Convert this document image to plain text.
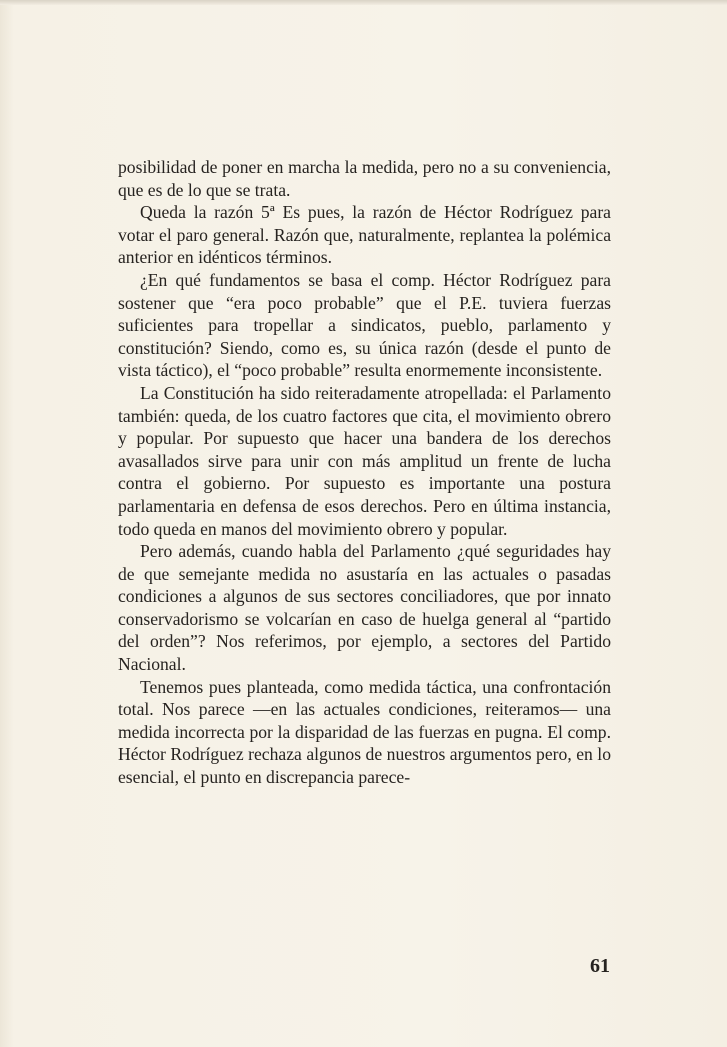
posibilidad de poner en marcha la medida, pero no a su conveniencia, que es de lo que se trata.

Queda la razón 5ª Es pues, la razón de Héctor Rodríguez para votar el paro general. Razón que, naturalmente, replantea la polémica anterior en idénticos términos.

¿En qué fundamentos se basa el comp. Héctor Rodríguez para sostener que “era poco probable” que el P.E. tuviera fuerzas suficientes para tropellar a sindicatos, pueblo, parlamento y constitución? Siendo, como es, su única razón (desde el punto de vista táctico), el “poco probable” resulta enormemente inconsistente.

La Constitución ha sido reiteradamente atropellada: el Parlamento también: queda, de los cuatro factores que cita, el movimiento obrero y popular. Por supuesto que hacer una bandera de los derechos avasallados sirve para unir con más amplitud un frente de lucha contra el gobierno. Por supuesto es importante una postura parlamentaria en defensa de esos derechos. Pero en última instancia, todo queda en manos del movimiento obrero y popular.

Pero además, cuando habla del Parlamento ¿qué seguridades hay de que semejante medida no asustaría en las actuales o pasadas condiciones a algunos de sus sectores conciliadores, que por innato conservadorismo se volcarían en caso de huelga general al “partido del orden”? Nos referimos, por ejemplo, a sectores del Partido Nacional.

Tenemos pues planteada, como medida táctica, una confrontación total. Nos parece —en las actuales condiciones, reiteramos— una medida incorrecta por la disparidad de las fuerzas en pugna. El comp. Héctor Rodríguez rechaza algunos de nuestros argumentos pero, en lo esencial, el punto en discrepancia parece-

61
